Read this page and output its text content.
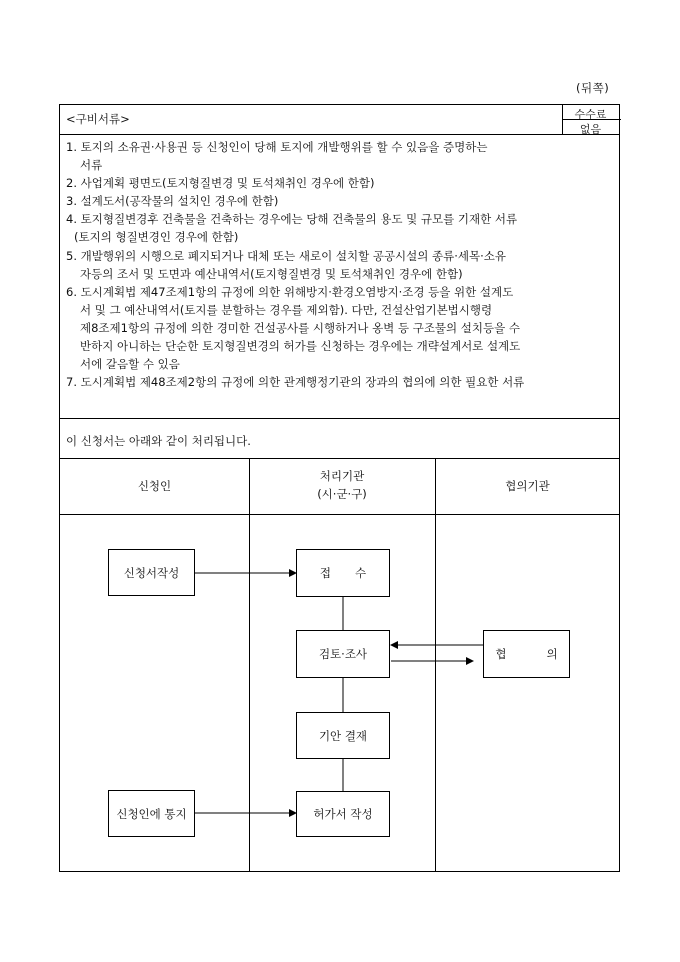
(뒤쪽)
<구비서류>	수수료
없음
1. 토지의 소유권·사용권 등 신청인이 당해 토지에 개발행위를 할 수 있음을 증명하는
서류
2. 사업계획 평면도(토지형질변경 및 토석채취인 경우에 한함)
3. 설계도서(공작물의 설치인 경우에 한함)
4. 토지형질변경후 건축물을 건축하는 경우에는 당해 건축물의 용도 및 규모를 기재한 서류
(토지의 형질변경인 경우에 한함)
5. 개발행위의 시행으로 폐지되거나 대체 또는 새로이 설치할 공공시설의 종류·세목·소유
자등의 조서 및 도면과 예산내역서(토지형질변경 및 토석채취인 경우에 한함)
6. 도시계획법 제47조제1항의 규정에 의한 위해방지·환경오염방지·조경 등을 위한 설계도
서 및 그 예산내역서(토지를 분할하는 경우를 제외함). 다만, 건설산업기본법시행령
제8조제1항의 규정에 의한 경미한 건설공사를 시행하거나 옹벽 등 구조물의 설치등을 수
반하지 아니하는 단순한 토지형질변경의 허가를 신청하는 경우에는 개략설계서로 설계도
서에 갈음할 수 있음
7. 도시계획법 제48조제2항의 규정에 의한 관계행정기관의 장과의 협의에 의한 필요한 서류
이 신청서는 아래와 같이 처리됩니다.
신청인
처리기관
(시·군·구)
협의기관
신청서작성	접수
검토·조사	협의
기안 결재
신청인에 통지	허가서 작성
